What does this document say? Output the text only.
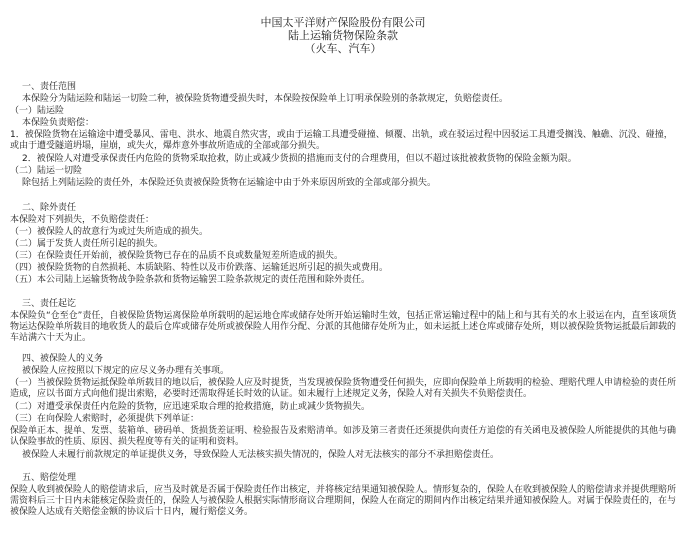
中国太平洋财产保险股份有限公司
陆上运输货物保险条款
（火车、汽车）
一、责任范围
本保险分为陆运险和陆运一切险二种，被保险货物遭受损失时，本保险按保险单上订明承保险别的条款规定，负赔偿责任。
（一）陆运险
本保险负责赔偿：
1．被保险货物在运输途中遭受暴风、雷电、洪水、地震自然灾害，或由于运输工具遭受碰撞、倾覆、出轨，或在驳运过程中因驳运工具遭受搁浅、触礁、沉没、碰撞，或由于遭受隧道坍塌，崖崩，或失火，爆炸意外事故所造成的全部或部分损失。
2．被保险人对遭受承保责任内危险的货物采取抢救，防止或减少货损的措施而支付的合理费用，但以不超过该批被救货物的保险金额为限。
（二）陆运一切险
除包括上列陆运险的责任外，本保险还负责被保险货物在运输途中由于外来原因所致的全部或部分损失。
二、除外责任
本保险对下列损失，不负赔偿责任：
（一）被保险人的故意行为或过失所造成的损失。
（二）属于发货人责任所引起的损失。
（三）在保险责任开始前，被保险货物已存在的品质不良或数量短差所造成的损失。
（四）被保险货物的自然损耗、本质缺陷、特性以及市价跌落、运输延迟所引起的损失或费用。
（五）本公司陆上运输货物战争险条款和货物运输罢工险条款规定的责任范围和除外责任。
三、责任起讫
本保险负“仓至仓”责任，自被保险货物运离保险单所载明的起运地仓库或储存处所开始运输时生效，包括正常运输过程中的陆上和与其有关的水上驳运在内，直至该项货物运达保险单所载目的地收货人的最后仓库或储存处所或被保险人用作分配、分派的其他储存处所为止，如未运抵上述仓库或储存处所，则以被保险货物运抵最后卸载的车站满六十天为止。
四、被保险人的义务
被保险人应按照以下规定的应尽义务办理有关事项。
（一）当被保险货物运抵保险单所载目的地以后，被保险人应及时提货，当发现被保险货物遭受任何损失，应即向保险单上所载明的检验、理赔代理人申请检验的责任所造成，应以书面方式向他们提出索赔，必要时还需取得延长时效的认证。如未履行上述规定义务，保险人对有关损失不负赔偿责任。
（二）对遭受承保责任内危险的货物，应迅速采取合理的抢救措施，防止或减少货物损失。
（三）在向保险人索赔时，必须提供下列单证：
保险单正本、提单、发票、装箱单、磅码单、货损货差证明、检验报告及索赔清单。如涉及第三者责任还须提供向责任方追偿的有关函电及被保险人所能提供的其他与确认保险事故的性质、原因、损失程度等有关的证明和资料。
被保险人未履行前款规定的单证提供义务，导致保险人无法核实损失情况的，保险人对无法核实的部分不承担赔偿责任。
五、赔偿处理
保险人收到被保险人的赔偿请求后，应当及时就是否属于保险责任作出核定，并将核定结果通知被保险人。情形复杂的，保险人在收到被保险人的赔偿请求并提供理赔所需资料后三十日内未能核定保险责任的，保险人与被保险人根据实际情形商议合理期间，保险人在商定的期间内作出核定结果并通知被保险人。对属于保险责任的，在与被保险人达成有关赔偿金额的协议后十日内，履行赔偿义务。
